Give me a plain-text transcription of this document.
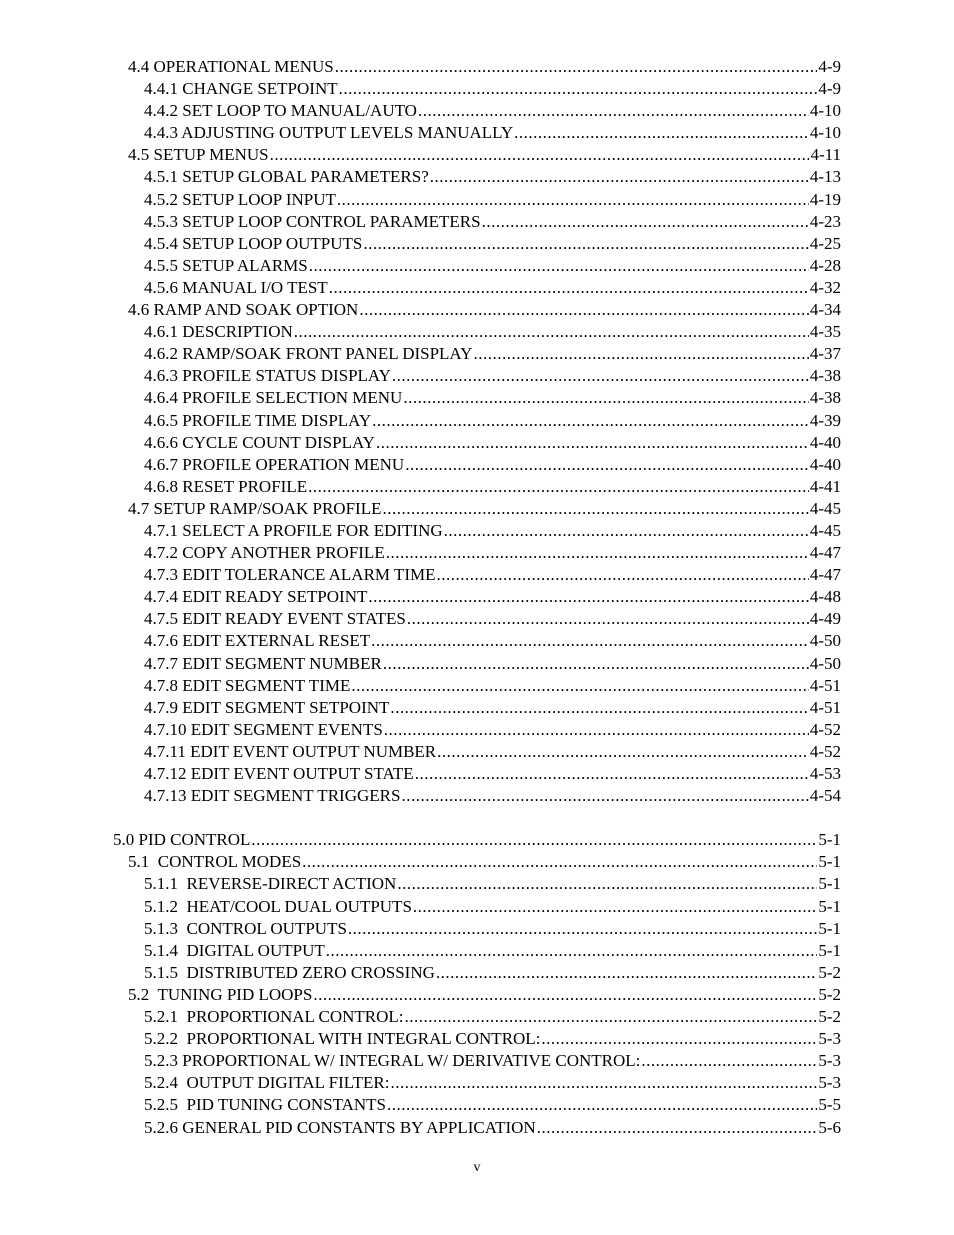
4.4 OPERATIONAL MENUS .....	4-9
4.4.1 CHANGE SETPOINT .....	4-9
4.4.2 SET LOOP TO MANUAL/AUTO .....	4-10
4.4.3 ADJUSTING OUTPUT LEVELS MANUALLY .....	4-10
4.5 SETUP MENUS .....	4-11
4.5.1 SETUP GLOBAL PARAMETERS? .....	4-13
4.5.2 SETUP LOOP INPUT .....	4-19
4.5.3 SETUP LOOP CONTROL PARAMETERS .....	4-23
4.5.4 SETUP LOOP OUTPUTS .....	4-25
4.5.5 SETUP ALARMS .....	4-28
4.5.6 MANUAL I/O TEST .....	4-32
4.6 RAMP AND SOAK OPTION .....	4-34
4.6.1 DESCRIPTION .....	4-35
4.6.2 RAMP/SOAK FRONT PANEL DISPLAY .....	4-37
4.6.3 PROFILE STATUS DISPLAY .....	4-38
4.6.4 PROFILE SELECTION MENU .....	4-38
4.6.5 PROFILE TIME DISPLAY .....	4-39
4.6.6 CYCLE COUNT DISPLAY .....	4-40
4.6.7 PROFILE OPERATION MENU .....	4-40
4.6.8 RESET PROFILE .....	4-41
4.7 SETUP RAMP/SOAK PROFILE .....	4-45
4.7.1 SELECT A PROFILE FOR EDITING .....	4-45
4.7.2 COPY ANOTHER PROFILE .....	4-47
4.7.3 EDIT TOLERANCE ALARM TIME .....	4-47
4.7.4 EDIT READY SETPOINT .....	4-48
4.7.5 EDIT READY EVENT STATES .....	4-49
4.7.6 EDIT EXTERNAL RESET .....	4-50
4.7.7 EDIT SEGMENT NUMBER .....	4-50
4.7.8 EDIT SEGMENT TIME .....	4-51
4.7.9 EDIT SEGMENT SETPOINT .....	4-51
4.7.10 EDIT SEGMENT EVENTS .....	4-52
4.7.11 EDIT EVENT OUTPUT NUMBER .....	4-52
4.7.12 EDIT EVENT OUTPUT STATE .....	4-53
4.7.13 EDIT SEGMENT TRIGGERS .....	4-54
5.0 PID CONTROL .....	5-1
5.1  CONTROL MODES .....	5-1
5.1.1  REVERSE-DIRECT ACTION .....	5-1
5.1.2  HEAT/COOL DUAL OUTPUTS .....	5-1
5.1.3  CONTROL OUTPUTS .....	5-1
5.1.4  DIGITAL OUTPUT .....	5-1
5.1.5  DISTRIBUTED ZERO CROSSING .....	5-2
5.2  TUNING PID LOOPS .....	5-2
5.2.1  PROPORTIONAL CONTROL: .....	5-2
5.2.2  PROPORTIONAL WITH INTEGRAL CONTROL: .....	5-3
5.2.3 PROPORTIONAL W/ INTEGRAL W/ DERIVATIVE CONTROL: .....	5-3
5.2.4  OUTPUT DIGITAL FILTER: .....	5-3
5.2.5  PID TUNING CONSTANTS .....	5-5
5.2.6 GENERAL PID CONSTANTS BY APPLICATION .....	5-6
v
